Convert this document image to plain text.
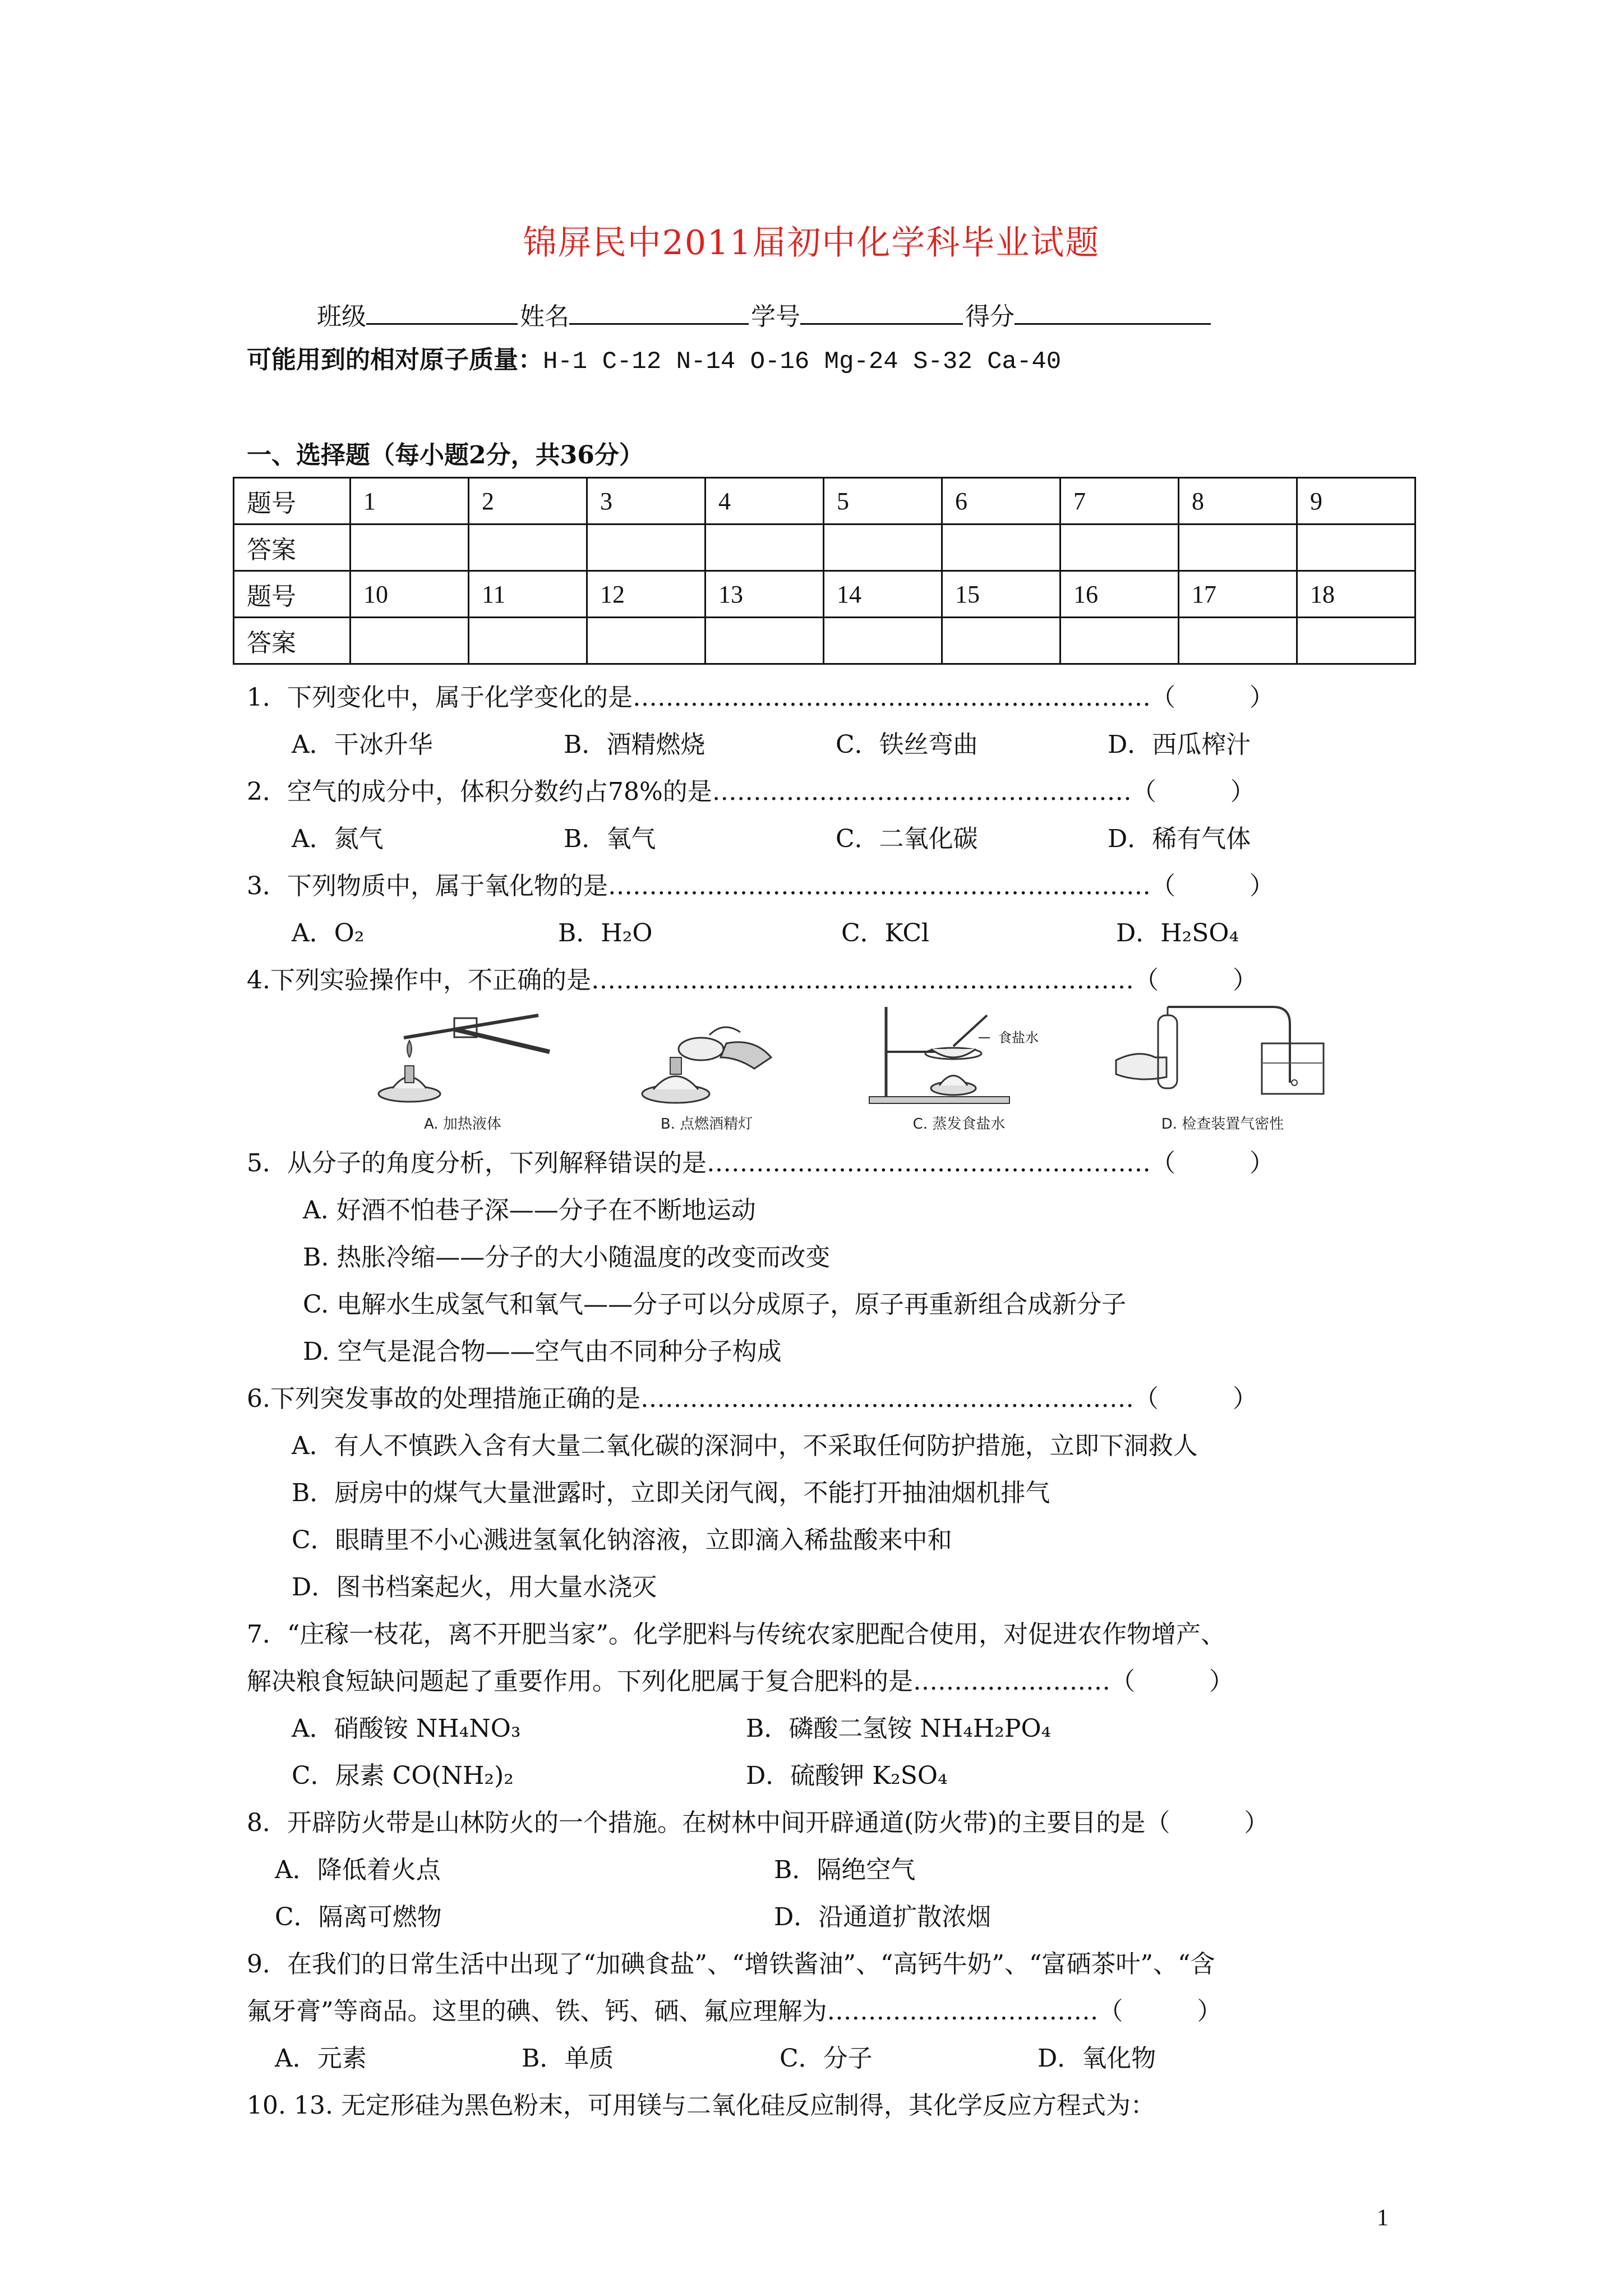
锦屏民中2011届初中化学科毕业试题
班级	姓名	学号	得分
可能用到的相对原子质量：H-1 C-12 N-14 O-16 Mg-24 S-32 Ca-40
一、选择题（每小题2分，共36分）
题号	1	2	3	4	5	6	7	8	9
答案									
题号	10	11	12	13	14	15	16	17	18
答案									
1．下列变化中，属于化学变化的是………………………………………………………（　　　）
A．干冰升华	B．酒精燃烧	C．铁丝弯曲	D．西瓜榨汁
2．空气的成分中，体积分数约占78%的是……………………………………………（　　　）
A．氮气	B．氧气	C．二氧化碳	D．稀有气体
3．下列物质中，属于氧化物的是…………………………………………………………（　　　）
A．O₂	B．H₂O	C．KCl	D．H₂SO₄
4.下列实验操作中，不正确的是…………………………………………………………（　　　）
A. 加热液体	B. 点燃酒精灯
食盐水
C. 蒸发食盐水	D. 检查装置气密性
5．从分子的角度分析，下列解释错误的是………………………………………………（　　　）
A. 好酒不怕巷子深——分子在不断地运动
B. 热胀冷缩——分子的大小随温度的改变而改变
C. 电解水生成氢气和氧气——分子可以分成原子，原子再重新组合成新分子
D. 空气是混合物——空气由不同种分子构成
6.下列突发事故的处理措施正确的是……………………………………………………（　　　）
A．有人不慎跌入含有大量二氧化碳的深洞中，不采取任何防护措施，立即下洞救人
B．厨房中的煤气大量泄露时，立即关闭气阀，不能打开抽油烟机排气
C．眼睛里不小心溅进氢氧化钠溶液，立即滴入稀盐酸来中和
D．图书档案起火，用大量水浇灭
7．“庄稼一枝花，离不开肥当家”。化学肥料与传统农家肥配合使用，对促进农作物增产、
解决粮食短缺问题起了重要作用。下列化肥属于复合肥料的是……………………（　　　）
A．硝酸铵 NH₄NO₃	B．磷酸二氢铵 NH₄H₂PO₄
C．尿素 CO(NH₂)₂	D．硫酸钾 K₂SO₄
8．开辟防火带是山林防火的一个措施。在树林中间开辟通道(防火带)的主要目的是（　　　）
A．降低着火点	B．隔绝空气
C．隔离可燃物	D．沿通道扩散浓烟
9．在我们的日常生活中出现了“加碘食盐”、“增铁酱油”、“高钙牛奶”、“富硒茶叶”、“含
氟牙膏”等商品。这里的碘、铁、钙、硒、氟应理解为……………………………（　　　）
A．元素	B．单质	C．分子	D．氧化物
10. 13. 无定形硅为黑色粉末，可用镁与二氧化硅反应制得，其化学反应方程式为：
1
